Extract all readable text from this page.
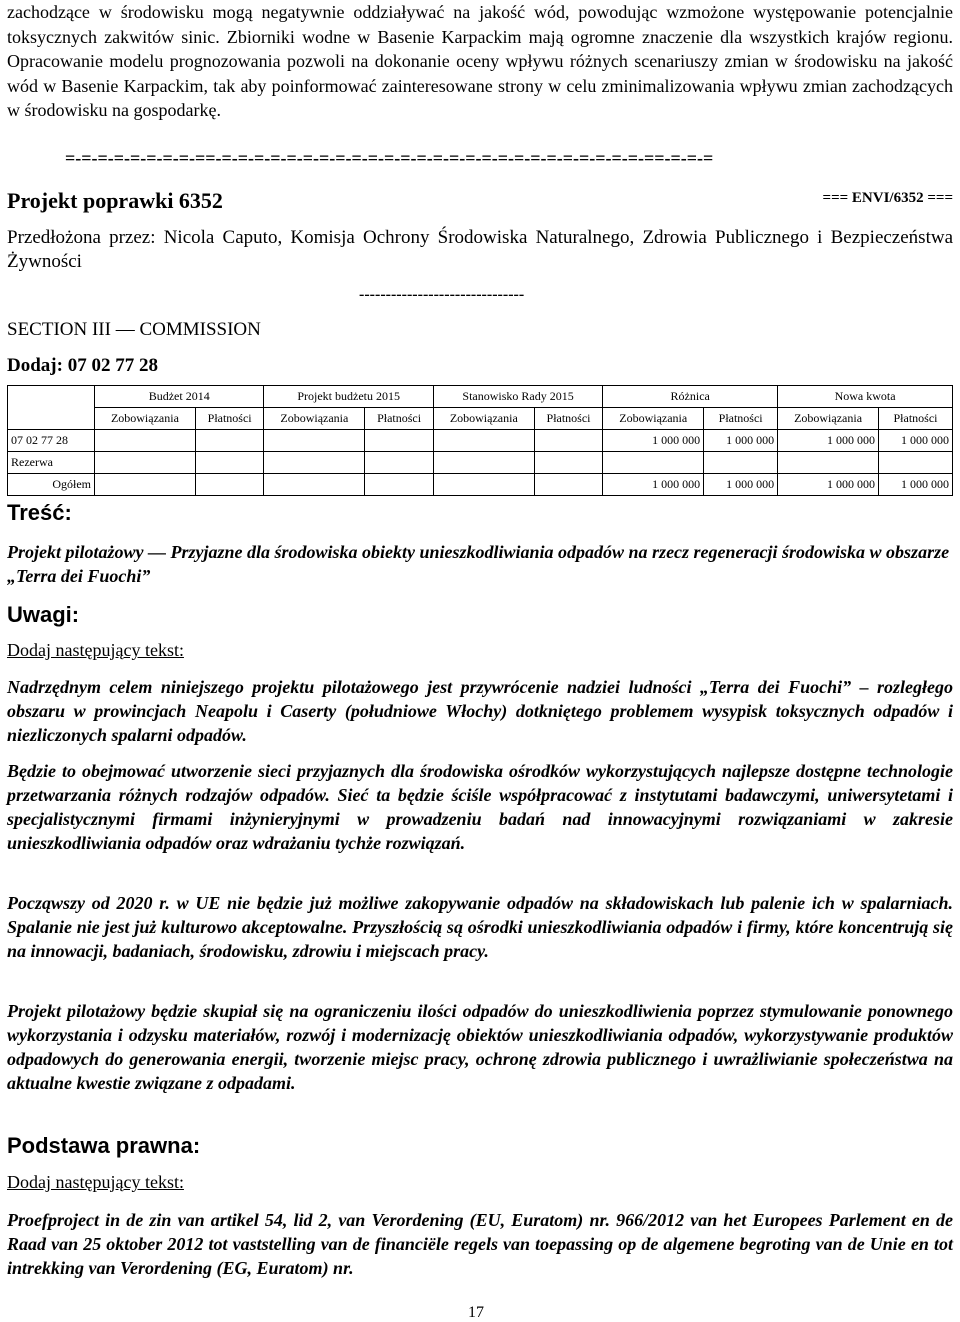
zachodzące w środowisku mogą negatywnie oddziaływać na jakość wód, powodując wzmożone występowanie potencjalnie toksycznych zakwitów sinic. Zbiorniki wodne w Basenie Karpackim mają ogromne znaczenie dla wszystkich krajów regionu. Opracowanie modelu prognozowania pozwoli na dokonanie oceny wpływu różnych scenariuszy zmian w środowisku na jakość wód w Basenie Karpackim, tak aby poinformować zainteresowane strony w celu zminimalizowania wpływu zmian zachodzących w środowisku na gospodarkę.
=-=-=-=-=-=-=-=-==-=-=-=-=-=-=-=-=-=-=-=-=-=-=-=-=-=-=-=-=-=-=-=-=-=-=-==-=-=-=
Projekt poprawki 6352	=== ENVI/6352 ===
Przedłożona przez: Nicola Caputo, Komisja Ochrony Środowiska Naturalnego, Zdrowia Publicznego i Bezpieczeństwa Żywności
-------------------------------
SECTION III — COMMISSION
Dodaj: 07 02 77 28
	Budżet 2014		Projekt budżetu 2015		Stanowisko Rady 2015		Różnica		Nowa kwota	
	Zobowiązania	Płatności	Zobowiązania	Płatności	Zobowiązania	Płatności	Zobowiązania	Płatności	Zobowiązania	Płatności
07 02 77 28							1 000 000	1 000 000	1 000 000	1 000 000
Rezerwa										
Ogółem							1 000 000	1 000 000	1 000 000	1 000 000
Treść:
Projekt pilotażowy — Przyjazne dla środowiska obiekty unieszkodliwiania odpadów na rzecz regeneracji środowiska w obszarze „Terra dei Fuochi”
Uwagi:
Dodaj następujący tekst:
Nadrzędnym celem niniejszego projektu pilotażowego jest przywrócenie nadziei ludności „Terra dei Fuochi” – rozległego obszaru w prowincjach Neapolu i Caserty (południowe Włochy) dotkniętego problemem wysypisk toksycznych odpadów i niezliczonych spalarni odpadów.
Będzie to obejmować utworzenie sieci przyjaznych dla środowiska ośrodków wykorzystujących najlepsze dostępne technologie przetwarzania różnych rodzajów odpadów. Sieć ta będzie ściśle współpracować z instytutami badawczymi, uniwersytetami i specjalistycznymi firmami inżynieryjnymi w prowadzeniu badań nad innowacyjnymi rozwiązaniami w zakresie unieszkodliwiania odpadów oraz wdrażaniu tychże rozwiązań.
Począwszy od 2020 r. w UE nie będzie już możliwe zakopywanie odpadów na składowiskach lub palenie ich w spalarniach. Spalanie nie jest już kulturowo akceptowalne. Przyszłością są ośrodki unieszkodliwiania odpadów i firmy, które koncentrują się na innowacji, badaniach, środowisku, zdrowiu i miejscach pracy.
Projekt pilotażowy będzie skupiał się na ograniczeniu ilości odpadów do unieszkodliwienia poprzez stymulowanie ponownego wykorzystania i odzysku materiałów, rozwój i modernizację obiektów unieszkodliwiania odpadów, wykorzystywanie produktów odpadowych do generowania energii, tworzenie miejsc pracy, ochronę zdrowia publicznego i uwrażliwianie społeczeństwa na aktualne kwestie związane z odpadami.
Podstawa prawna:
Dodaj następujący tekst:
Proefproject in de zin van artikel 54, lid 2, van Verordening (EU, Euratom) nr. 966/2012 van het Europees Parlement en de Raad van 25 oktober 2012 tot vaststelling van de financiële regels van toepassing op de algemene begroting van de Unie en tot intrekking van Verordening (EG, Euratom) nr.
17
